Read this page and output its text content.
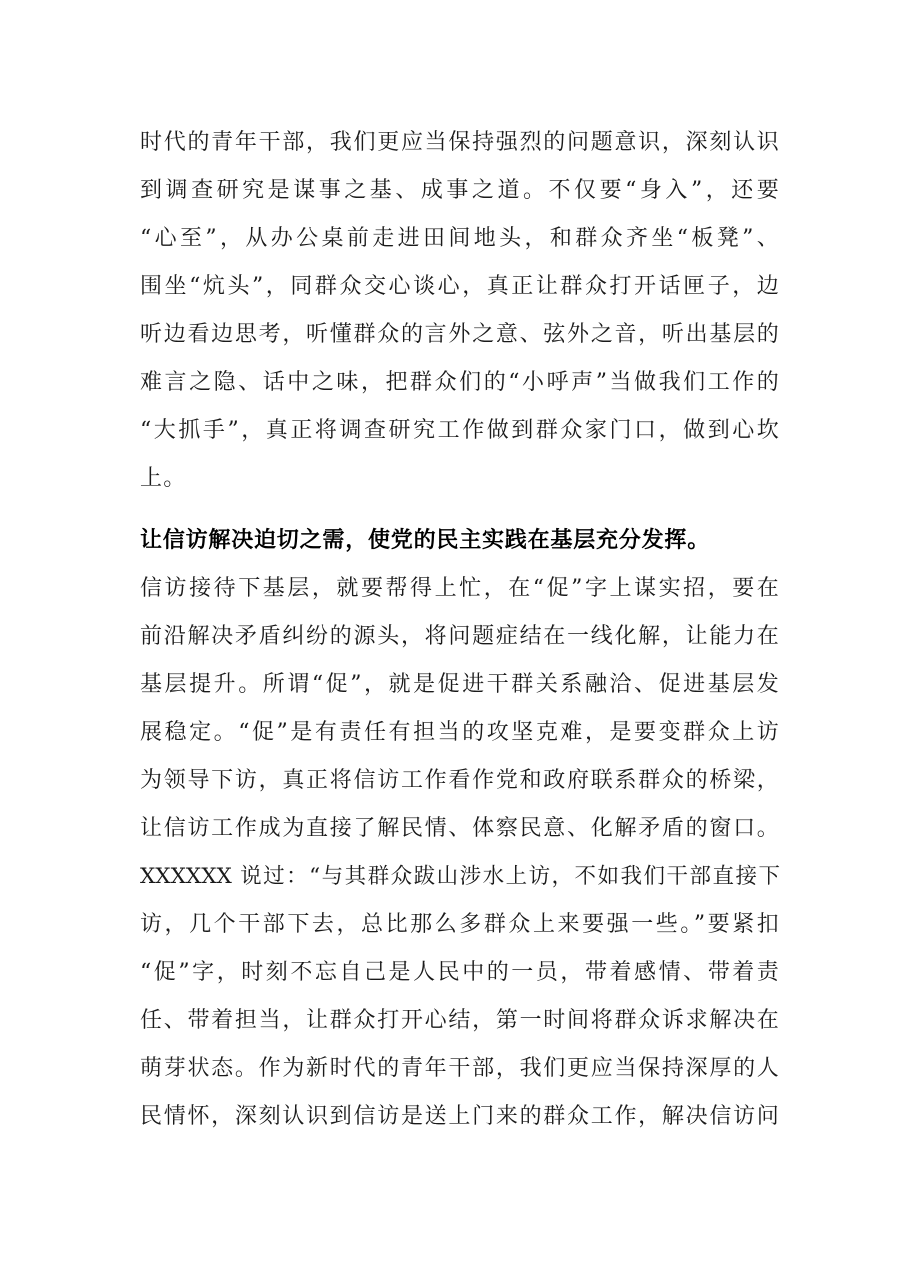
时代的青年干部，我们更应当保持强烈的问题意识，深刻认识
到调查研究是谋事之基、成事之道。不仅要“身入”，还要
“心至”，从办公桌前走进田间地头，和群众齐坐“板凳”、
围坐“炕头”，同群众交心谈心，真正让群众打开话匣子，边
听边看边思考，听懂群众的言外之意、弦外之音，听出基层的
难言之隐、话中之味，把群众们的“小呼声”当做我们工作的
“大抓手”，真正将调查研究工作做到群众家门口，做到心坎
上。
让信访解决迫切之需，使党的民主实践在基层充分发挥。
信访接待下基层，就要帮得上忙，在“促”字上谋实招，要在
前沿解决矛盾纠纷的源头，将问题症结在一线化解，让能力在
基层提升。所谓“促”，就是促进干群关系融洽、促进基层发
展稳定。“促”是有责任有担当的攻坚克难，是要变群众上访
为领导下访，真正将信访工作看作党和政府联系群众的桥梁，
让信访工作成为直接了解民情、体察民意、化解矛盾的窗口。
XXXXXX 说过：“与其群众跋山涉水上访，不如我们干部直接下
访，几个干部下去，总比那么多群众上来要强一些。”要紧扣
“促”字，时刻不忘自己是人民中的一员，带着感情、带着责
任、带着担当，让群众打开心结，第一时间将群众诉求解决在
萌芽状态。作为新时代的青年干部，我们更应当保持深厚的人
民情怀，深刻认识到信访是送上门来的群众工作，解决信访问
